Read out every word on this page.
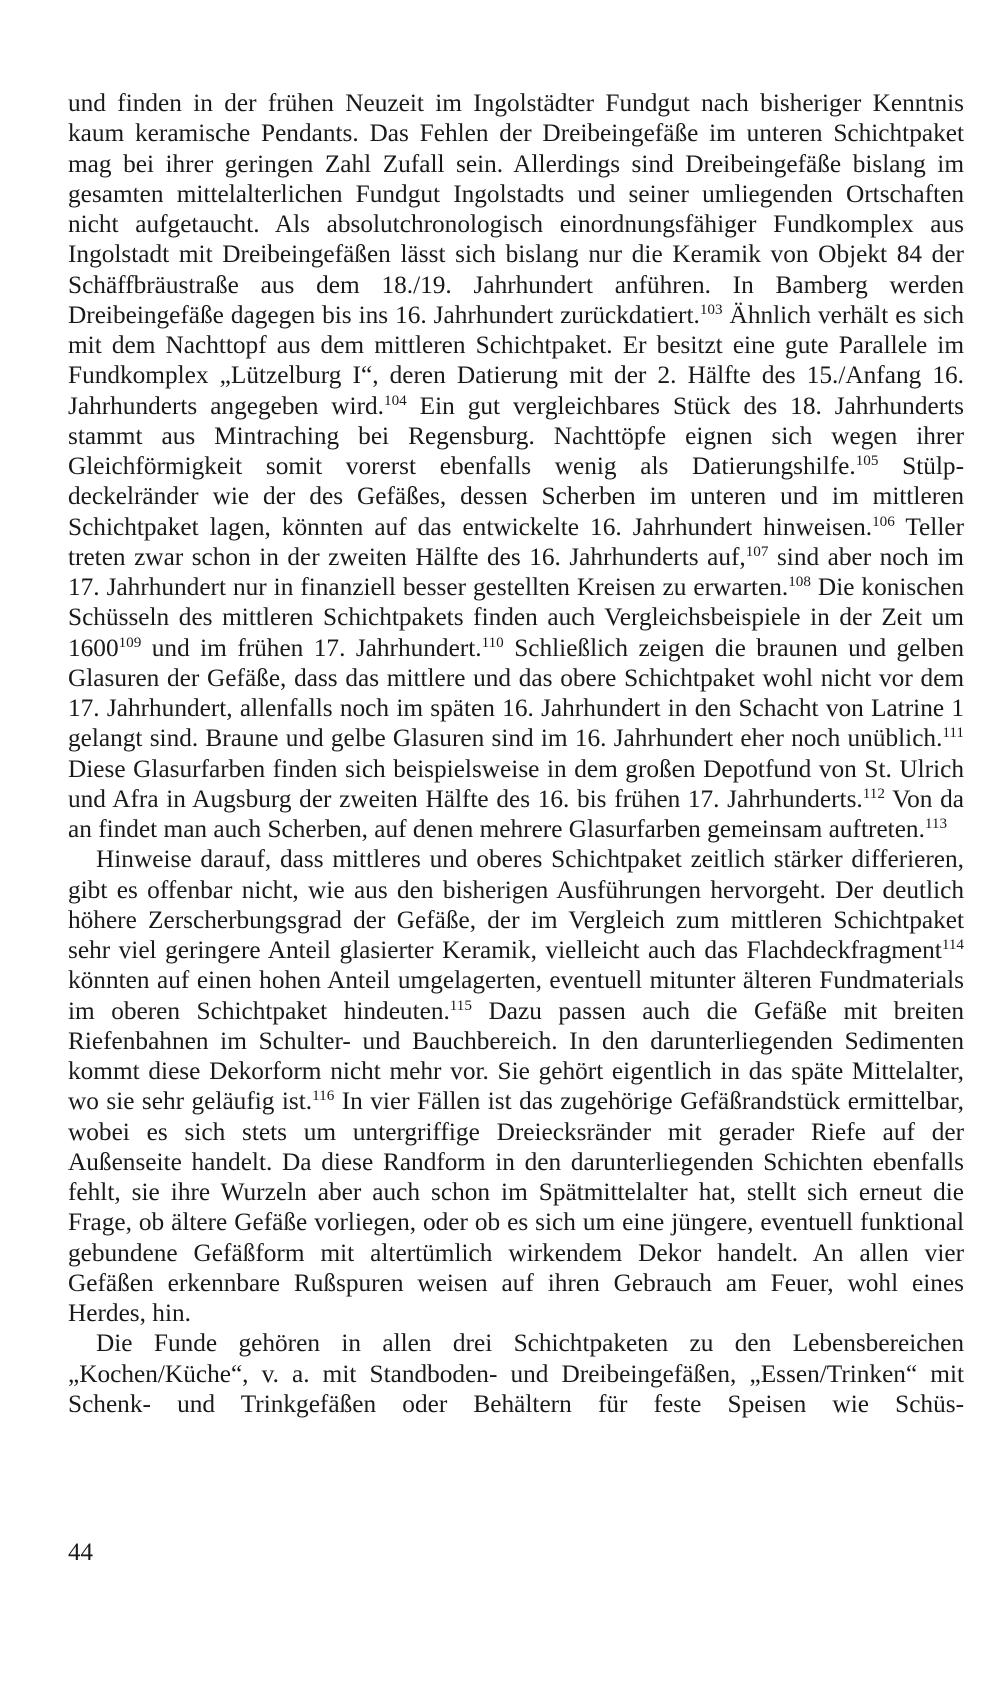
und finden in der frühen Neuzeit im Ingolstädter Fundgut nach bisheriger Kenntnis kaum keramische Pendants. Das Fehlen der Dreibeingefäße im unteren Schichtpaket mag bei ihrer geringen Zahl Zufall sein. Allerdings sind Dreibeingefäße bislang im gesamten mittelalterlichen Fundgut Ingolstadts und seiner umliegenden Ortschaften nicht aufgetaucht. Als absolutchronologisch einordnungsfähiger Fundkomplex aus Ingolstadt mit Dreibeingefäßen lässt sich bislang nur die Keramik von Objekt 84 der Schäffbräustraße aus dem 18./19. Jahrhundert anführen. In Bamberg werden Dreibeingefäße dagegen bis ins 16. Jahrhundert zurückdatiert.$^{103}$ Ähnlich verhält es sich mit dem Nachttopf aus dem mittleren Schichtpaket. Er besitzt eine gute Parallele im Fundkomplex „Lützelburg I“, deren Datierung mit der 2. Hälfte des 15./Anfang 16. Jahrhunderts angegeben wird.$^{104}$ Ein gut vergleichbares Stück des 18. Jahrhunderts stammt aus Mintraching bei Regensburg. Nachttöpfe eignen sich wegen ihrer Gleichförmigkeit somit vorerst ebenfalls wenig als Datierungshilfe.$^{105}$ Stülpdeckelränder wie der des Gefäßes, dessen Scherben im unteren und im mittleren Schichtpaket lagen, könnten auf das entwickelte 16. Jahrhundert hinweisen.$^{106}$ Teller treten zwar schon in der zweiten Hälfte des 16. Jahrhunderts auf,$^{107}$ sind aber noch im 17. Jahrhundert nur in finanziell besser gestellten Kreisen zu erwarten.$^{108}$ Die konischen Schüsseln des mittleren Schichtpakets finden auch Vergleichsbeispiele in der Zeit um 1600$^{109}$ und im frühen 17. Jahrhundert.$^{110}$ Schließlich zeigen die braunen und gelben Glasuren der Gefäße, dass das mittlere und das obere Schichtpaket wohl nicht vor dem 17. Jahrhundert, allenfalls noch im späten 16. Jahrhundert in den Schacht von Latrine 1 gelangt sind. Braune und gelbe Glasuren sind im 16. Jahrhundert eher noch unüblich.$^{111}$ Diese Glasurfarben finden sich beispielsweise in dem großen Depotfund von St. Ulrich und Afra in Augsburg der zweiten Hälfte des 16. bis frühen 17. Jahrhunderts.$^{112}$ Von da an findet man auch Scherben, auf denen mehrere Glasurfarben gemeinsam auftreten.$^{113}$

Hinweise darauf, dass mittleres und oberes Schichtpaket zeitlich stärker differieren, gibt es offenbar nicht, wie aus den bisherigen Ausführungen hervorgeht. Der deutlich höhere Zerscherbungsgrad der Gefäße, der im Vergleich zum mittleren Schichtpaket sehr viel geringere Anteil glasierter Keramik, vielleicht auch das Flachdeckfragment$^{114}$ könnten auf einen hohen Anteil umgelagerten, eventuell mitunter älteren Fundmaterials im oberen Schichtpaket hindeuten.$^{115}$ Dazu passen auch die Gefäße mit breiten Riefenbahnen im Schulter- und Bauchbereich. In den darunterliegenden Sedimenten kommt diese Dekorform nicht mehr vor. Sie gehört eigentlich in das späte Mittelalter, wo sie sehr geläufig ist.$^{116}$ In vier Fällen ist das zugehörige Gefäßrandstück ermittelbar, wobei es sich stets um untergriffige Dreiecksränder mit gerader Riefe auf der Außenseite handelt. Da diese Randform in den darunterliegenden Schichten ebenfalls fehlt, sie ihre Wurzeln aber auch schon im Spätmittelalter hat, stellt sich erneut die Frage, ob ältere Gefäße vorliegen, oder ob es sich um eine jüngere, eventuell funktional gebundene Gefäßform mit altertümlich wirkendem Dekor handelt. An allen vier Gefäßen erkennbare Rußspuren weisen auf ihren Gebrauch am Feuer, wohl eines Herdes, hin.

Die Funde gehören in allen drei Schichtpaketen zu den Lebensbereichen „Kochen/Küche“, v. a. mit Standboden- und Dreibeingefäßen, „Essen/Trinken“ mit Schenk- und Trinkgefäßen oder Behältern für feste Speisen wie Schüs-

44
